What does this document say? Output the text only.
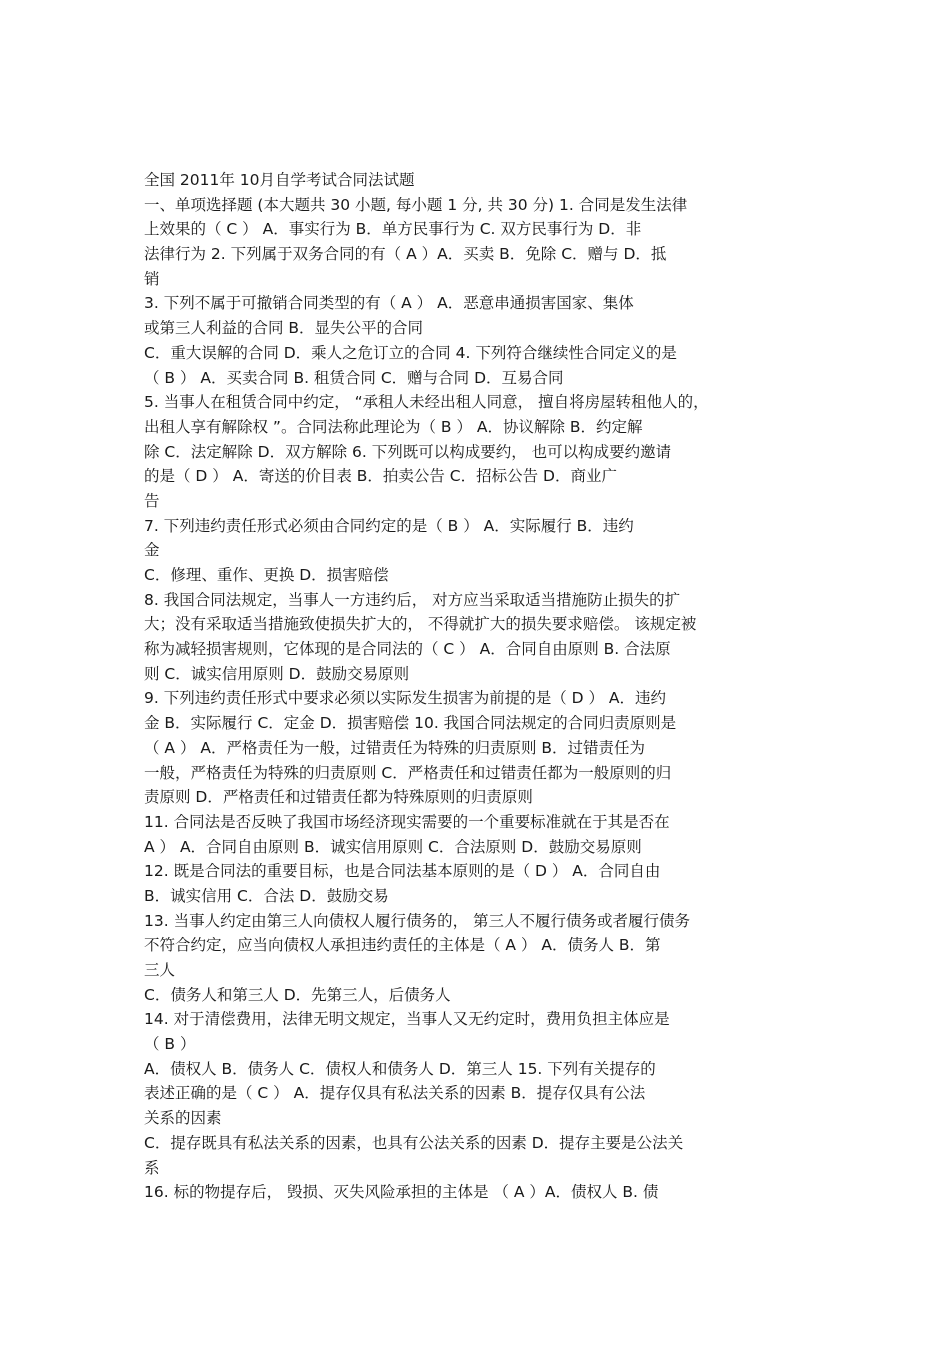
全国 2011年 10月自学考试合同法试题
一、单项选择题 (本大题共 30 小题, 每小题 1 分, 共 30 分) 1. 合同是发生法律
上效果的（ C ） A．事实行为 B．单方民事行为 C. 双方民事行为 D．非
法律行为 2. 下列属于双务合同的有（ A ）A．买卖 B．免除 C．赠与 D．抵
销
3. 下列不属于可撤销合同类型的有（ A ） A．恶意串通损害国家、集体
或第三人利益的合同 B．显失公平的合同
C．重大误解的合同 D．乘人之危订立的合同 4. 下列符合继续性合同定义的是
（ B ） A．买卖合同 B. 租赁合同 C．赠与合同 D．互易合同
5. 当事人在租赁合同中约定， “承租人未经出租人同意， 擅自将房屋转租他人的，
出租人享有解除权 ”。合同法称此理论为（ B ） A．协议解除 B．约定解
除 C．法定解除 D．双方解除 6. 下列既可以构成要约， 也可以构成要约邀请
的是（ D ） A．寄送的价目表 B．拍卖公告 C．招标公告 D．商业广
告
7. 下列违约责任形式必须由合同约定的是（ B ） A．实际履行 B．违约
金
C．修理、重作、更换 D．损害赔偿
8. 我国合同法规定，当事人一方违约后， 对方应当采取适当措施防止损失的扩
大；没有采取适当措施致使损失扩大的， 不得就扩大的损失要求赔偿。 该规定被
称为减轻损害规则，它体现的是合同法的（ C ） A．合同自由原则 B. 合法原
则 C．诚实信用原则 D．鼓励交易原则
9. 下列违约责任形式中要求必须以实际发生损害为前提的是（ D ） A．违约
金 B．实际履行 C．定金 D．损害赔偿 10. 我国合同法规定的合同归责原则是
（ A ） A．严格责任为一般，过错责任为特殊的归责原则 B．过错责任为
一般，严格责任为特殊的归责原则 C．严格责任和过错责任都为一般原则的归
责原则 D．严格责任和过错责任都为特殊原则的归责原则
11. 合同法是否反映了我国市场经济现实需要的一个重要标准就在于其是否在
A ） A．合同自由原则 B．诚实信用原则 C．合法原则 D．鼓励交易原则
12. 既是合同法的重要目标，也是合同法基本原则的是（ D ） A．合同自由
B．诚实信用 C．合法 D．鼓励交易
13. 当事人约定由第三人向债权人履行债务的， 第三人不履行债务或者履行债务
不符合约定，应当向债权人承担违约责任的主体是（ A ） A．债务人 B．第
三人
C．债务人和第三人 D．先第三人，后债务人
14. 对于清偿费用，法律无明文规定，当事人又无约定时，费用负担主体应是
（ B ）
A．债权人 B．债务人 C．债权人和债务人 D．第三人 15. 下列有关提存的
表述正确的是（ C ） A．提存仅具有私法关系的因素 B．提存仅具有公法
关系的因素
C．提存既具有私法关系的因素，也具有公法关系的因素 D．提存主要是公法关
系
16. 标的物提存后， 毁损、灭失风险承担的主体是 （ A ）A．债权人 B. 债
